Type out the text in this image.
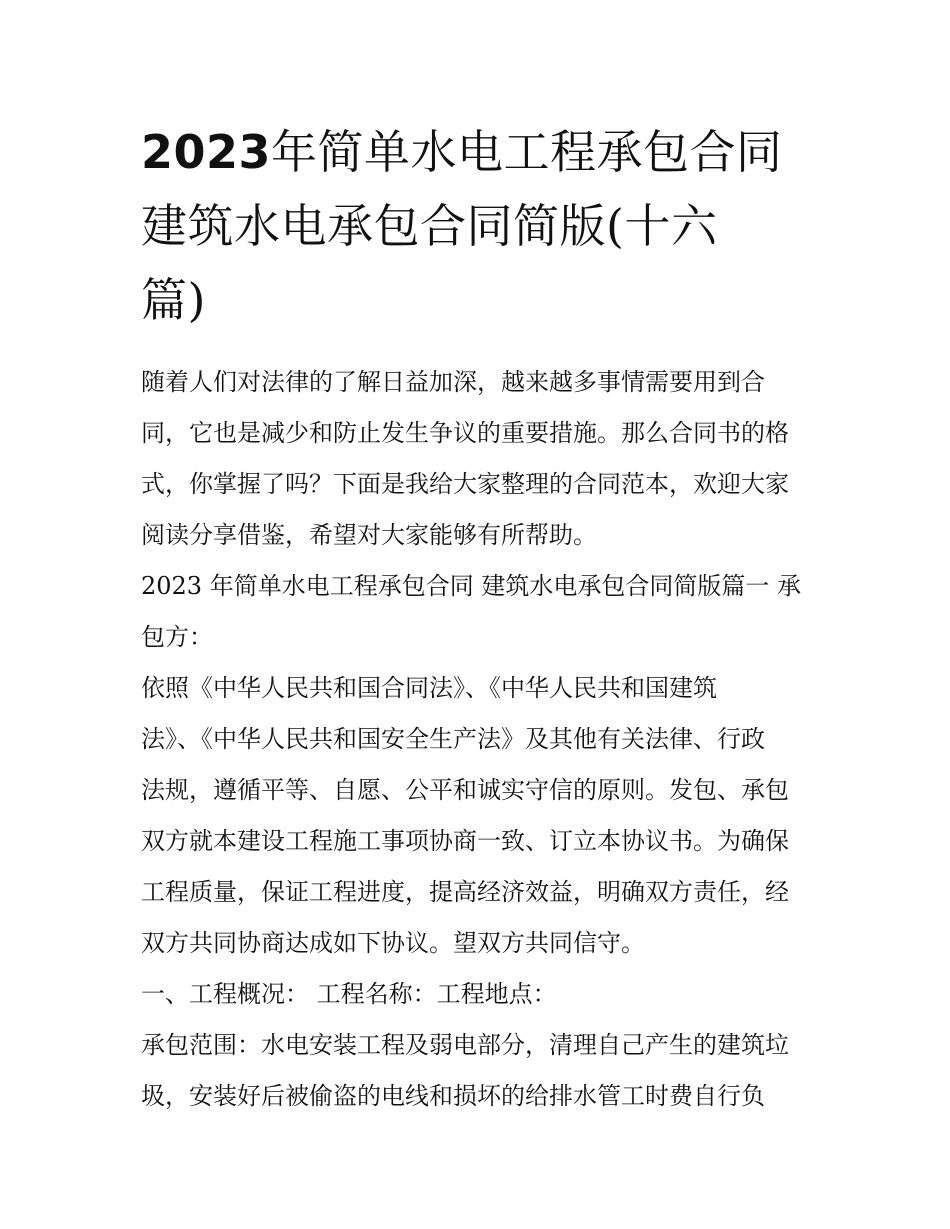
2023年简单水电工程承包合同
建筑水电承包合同简版(十六
篇)
随着人们对法律的了解日益加深，越来越多事情需要用到合
同，它也是减少和防止发生争议的重要措施。那么合同书的格
式，你掌握了吗？下面是我给大家整理的合同范本，欢迎大家
阅读分享借鉴，希望对大家能够有所帮助。
2023 年简单水电工程承包合同 建筑水电承包合同简版篇一 承
包方：
依照《中华人民共和国合同法》、《中华人民共和国建筑
法》、《中华人民共和国安全生产法》及其他有关法律、行政
法规，遵循平等、自愿、公平和诚实守信的原则。发包、承包
双方就本建设工程施工事项协商一致、订立本协议书。为确保
工程质量，保证工程进度，提高经济效益，明确双方责任，经
双方共同协商达成如下协议。望双方共同信守。
一、工程概况： 工程名称：工程地点：
承包范围：水电安装工程及弱电部分，清理自己产生的建筑垃
圾，安装好后被偷盗的电线和损坏的给排水管工时费自行负
